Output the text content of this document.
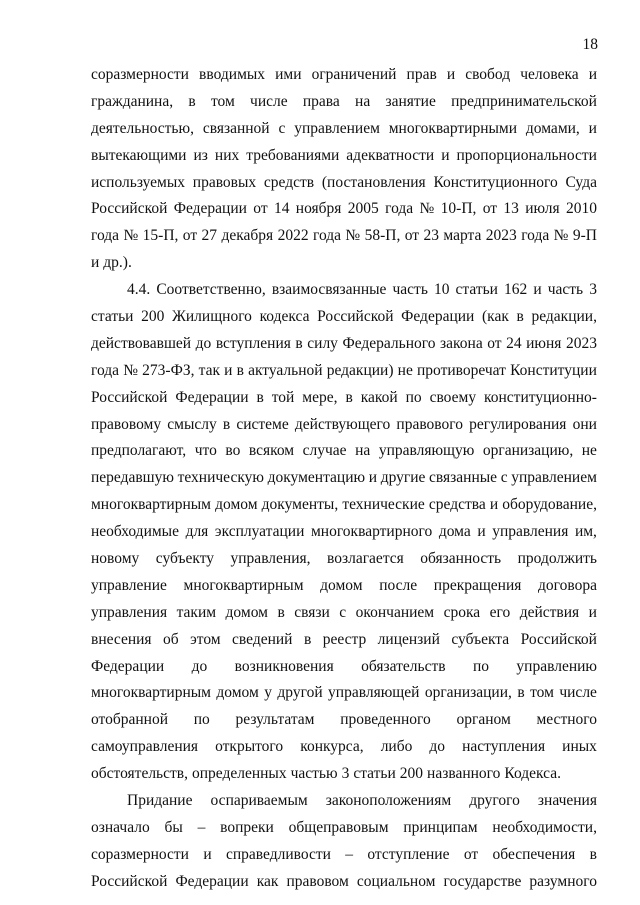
18
соразмерности вводимых ими ограничений прав и свобод человека и
гражданина, в том числе права на занятие предпринимательской
деятельностью, связанной с управлением многоквартирными домами, и
вытекающими из них требованиями адекватности и пропорциональности
используемых правовых средств (постановления Конституционного Суда
Российской Федерации от 14 ноября 2005 года № 10-П, от 13 июля 2010
года № 15-П, от 27 декабря 2022 года № 58-П, от 23 марта 2023 года № 9-П
и др.).
4.4. Соответственно, взаимосвязанные часть 10 статьи 162 и часть 3
статьи 200 Жилищного кодекса Российской Федерации (как в редакции,
действовавшей до вступления в силу Федерального закона от 24 июня 2023
года № 273-ФЗ, так и в актуальной редакции) не противоречат Конституции
Российской Федерации в той мере, в какой по своему конституционно-
правовому смыслу в системе действующего правового регулирования они
предполагают, что во всяком случае на управляющую организацию, не
передавшую техническую документацию и другие связанные с управлением
многоквартирным домом документы, технические средства и оборудование,
необходимые для эксплуатации многоквартирного дома и управления им,
новому субъекту управления, возлагается обязанность продолжить
управление многоквартирным домом после прекращения договора
управления таким домом в связи с окончанием срока его действия и
внесения об этом сведений в реестр лицензий субъекта Российской
Федерации до возникновения обязательств по управлению
многоквартирным домом у другой управляющей организации, в том числе
отобранной по результатам проведенного органом местного
самоуправления открытого конкурса, либо до наступления иных
обстоятельств, определенных частью 3 статьи 200 названного Кодекса.
Придание оспариваемым законоположениям другого значения
означало бы – вопреки общеправовым принципам необходимости,
соразмерности и справедливости – отступление от обеспечения в
Российской Федерации как правовом социальном государстве разумного
